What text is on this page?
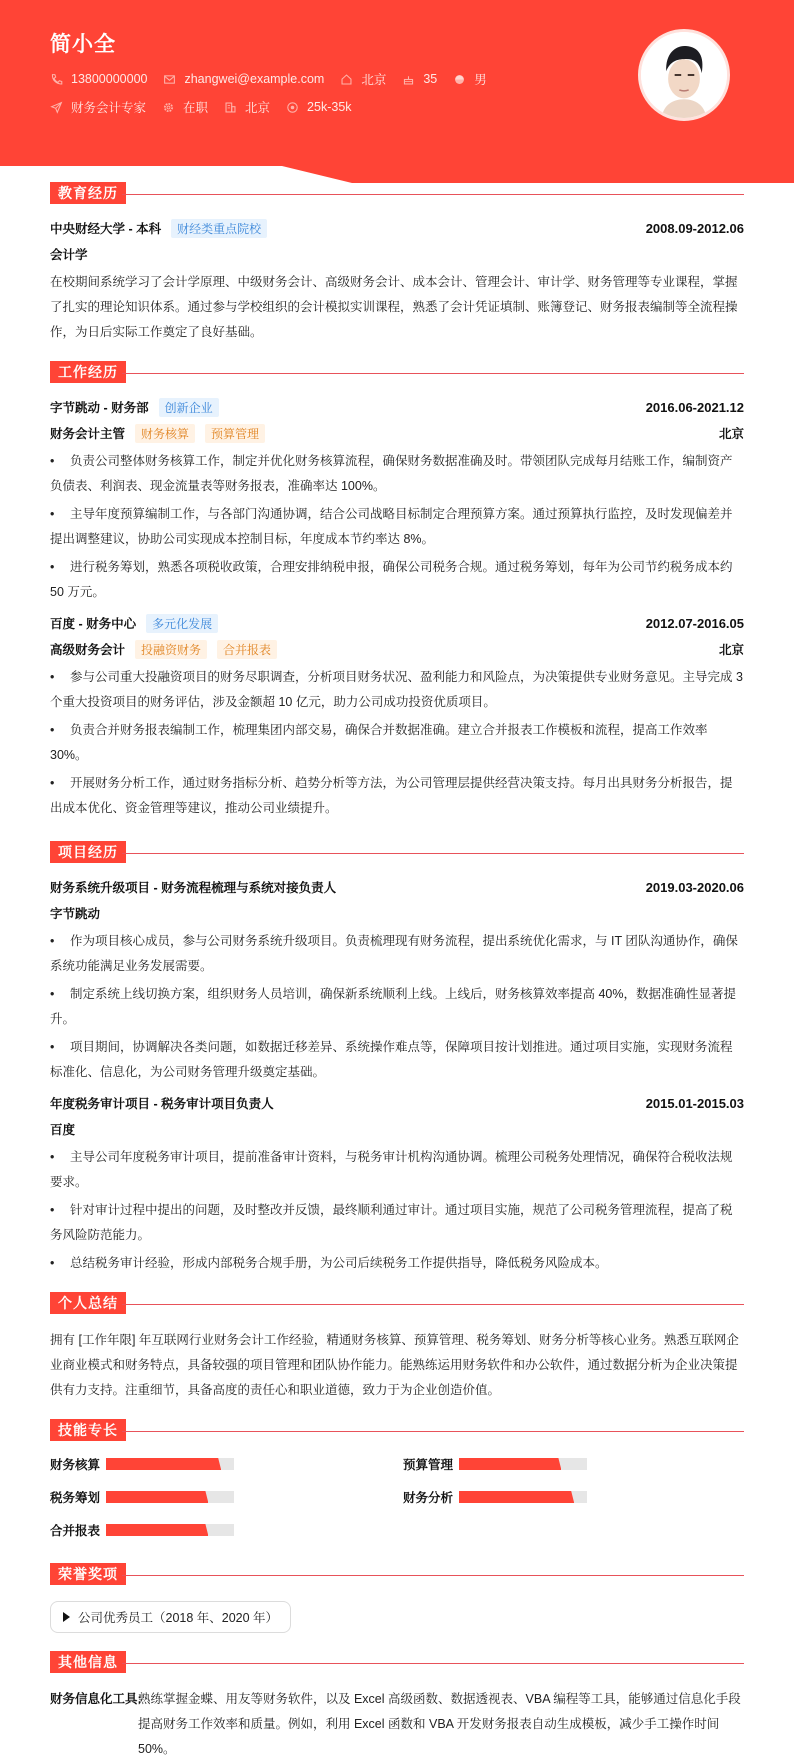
简小全
13800000000	zhangwei@example.com	北京	35	男
财务会计专家	在职	北京	25k-35k
教育经历
中央财经大学 - 本科	财经类重点院校	2008.09-2012.06
会计学

在校期间系统学习了会计学原理、中级财务会计、高级财务会计、成本会计、管理会计、审计学、财务管理等专业课程，掌握了扎实的理论知识体系。通过参与学校组织的会计模拟实训课程，熟悉了会计凭证填制、账簿登记、财务报表编制等全流程操作，为日后实际工作奠定了良好基础。

工作经历
字节跳动 - 财务部	创新企业	2016.06-2021.12
财务会计主管	财务核算	预算管理	北京
• 负责公司整体财务核算工作，制定并优化财务核算流程，确保财务数据准确及时。带领团队完成每月结账工作，编制资产负债表、利润表、现金流量表等财务报表，准确率达 100%。
• 主导年度预算编制工作，与各部门沟通协调，结合公司战略目标制定合理预算方案。通过预算执行监控，及时发现偏差并提出调整建议，协助公司实现成本控制目标，年度成本节约率达 8%。
• 进行税务筹划，熟悉各项税收政策，合理安排纳税申报，确保公司税务合规。通过税务筹划，每年为公司节约税务成本约 50 万元。
百度 - 财务中心	多元化发展	2012.07-2016.05
高级财务会计	投融资财务	合并报表	北京
• 参与公司重大投融资项目的财务尽职调查，分析项目财务状况、盈利能力和风险点，为决策提供专业财务意见。主导完成 3 个重大投资项目的财务评估，涉及金额超 10 亿元，助力公司成功投资优质项目。
• 负责合并财务报表编制工作，梳理集团内部交易，确保合并数据准确。建立合并报表工作模板和流程，提高工作效率 30%。
• 开展财务分析工作，通过财务指标分析、趋势分析等方法，为公司管理层提供经营决策支持。每月出具财务分析报告，提出成本优化、资金管理等建议，推动公司业绩提升。
项目经历
财务系统升级项目 - 财务流程梳理与系统对接负责人	2019.03-2020.06
字节跳动
• 作为项目核心成员，参与公司财务系统升级项目。负责梳理现有财务流程，提出系统优化需求，与 IT 团队沟通协作，确保系统功能满足业务发展需要。
• 制定系统上线切换方案，组织财务人员培训，确保新系统顺利上线。上线后，财务核算效率提高 40%，数据准确性显著提升。
• 项目期间，协调解决各类问题，如数据迁移差异、系统操作难点等，保障项目按计划推进。通过项目实施，实现财务流程标准化、信息化，为公司财务管理升级奠定基础。
年度税务审计项目 - 税务审计项目负责人	2015.01-2015.03
百度
• 主导公司年度税务审计项目，提前准备审计资料，与税务审计机构沟通协调。梳理公司税务处理情况，确保符合税收法规要求。
• 针对审计过程中提出的问题，及时整改并反馈，最终顺利通过审计。通过项目实施，规范了公司税务管理流程，提高了税务风险防范能力。
• 总结税务审计经验，形成内部税务合规手册，为公司后续税务工作提供指导，降低税务风险成本。
个人总结

拥有 [工作年限] 年互联网行业财务会计工作经验，精通财务核算、预算管理、税务筹划、财务分析等核心业务。熟悉互联网企业商业模式和财务特点，具备较强的项目管理和团队协作能力。能熟练运用财务软件和办公软件，通过数据分析为企业决策提供有力支持。注重细节，具备高度的责任心和职业道德，致力于为企业创造价值。

技能专长
财务核算	预算管理
税务筹划	财务分析
合并报表
荣誉奖项
公司优秀员工（2018 年、2020 年）
其他信息
财务信息化工具:
熟练掌握金蝶、用友等财务软件，以及 Excel 高级函数、数据透视表、VBA 编程等工具，能够通过信息化手段提高财务工作效率和质量。例如，利用 Excel 函数和 VBA 开发财务报表自动生成模板，减少手工操作时间 50%。
